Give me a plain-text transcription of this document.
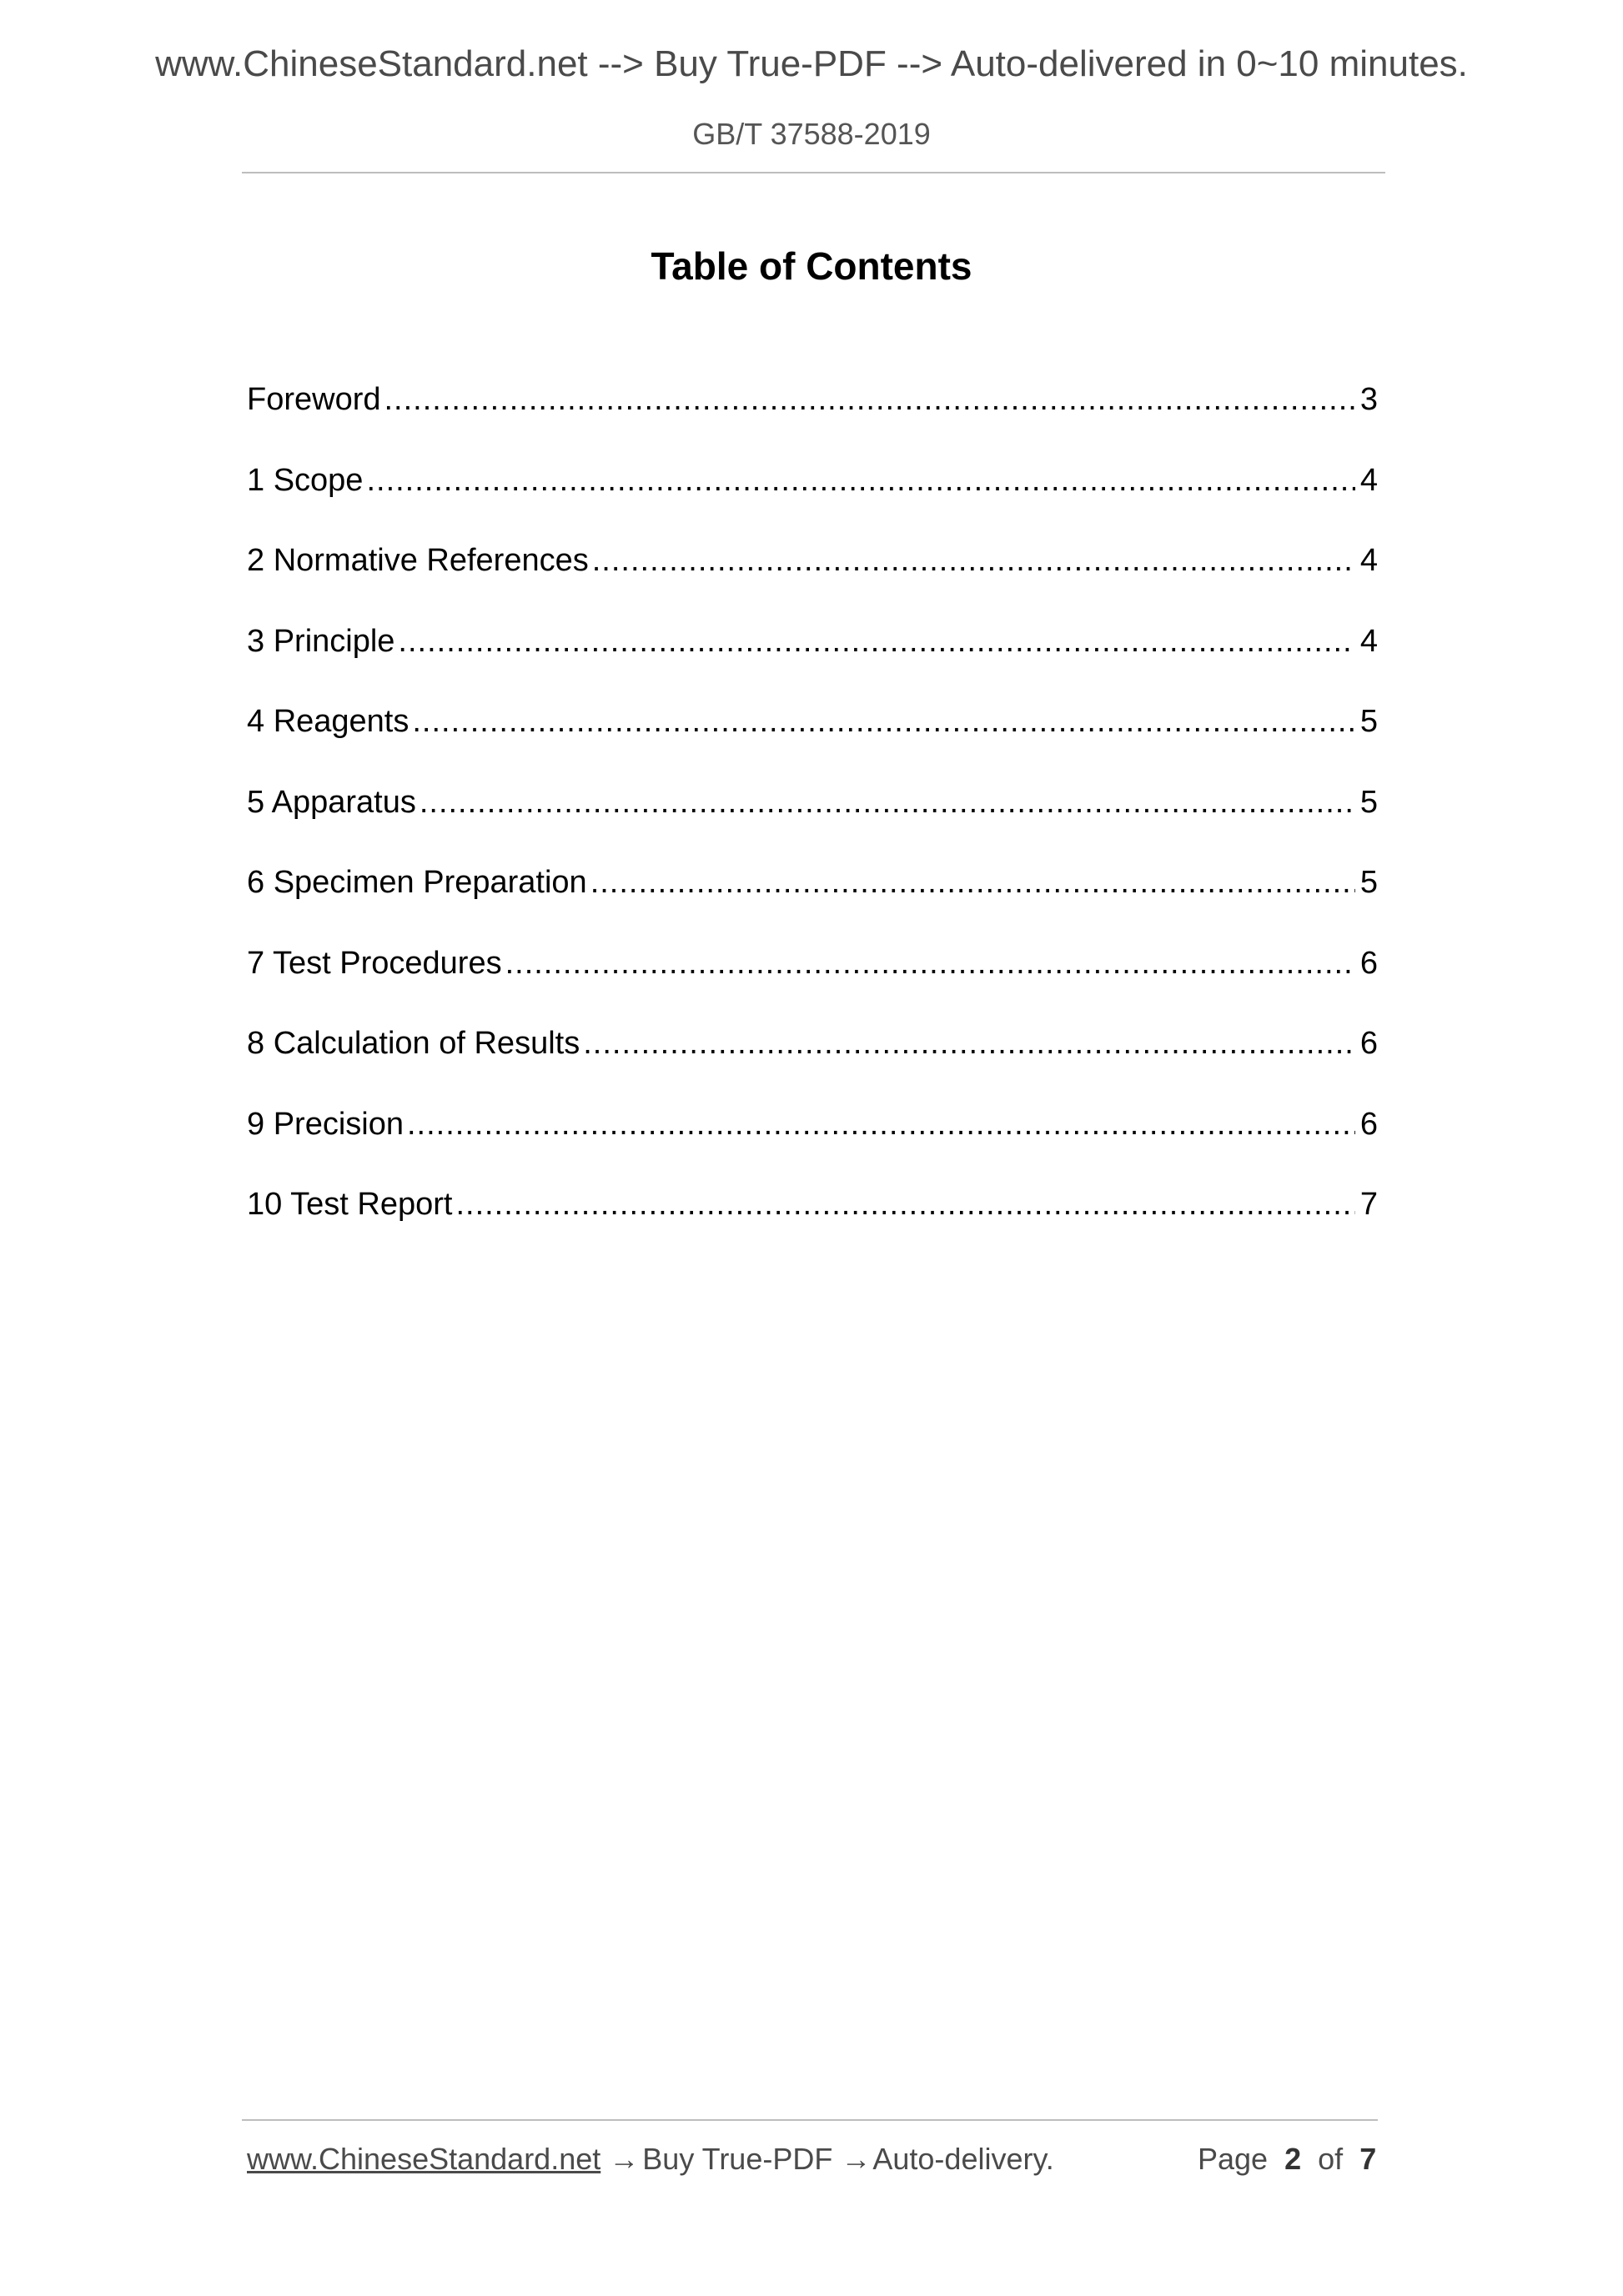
www.ChineseStandard.net --> Buy True-PDF --> Auto-delivered in 0~10 minutes.
GB/T 37588-2019
Table of Contents
Foreword .....	3
1 Scope .....	4
2 Normative References .....	4
3 Principle .....	4
4 Reagents .....	5
5 Apparatus .....	5
6 Specimen Preparation .....	5
7 Test Procedures .....	6
8 Calculation of Results .....	6
9 Precision .....	6
10 Test Report .....	7
www.ChineseStandard.net → Buy True-PDF → Auto-delivery.	Page 2 of 7
